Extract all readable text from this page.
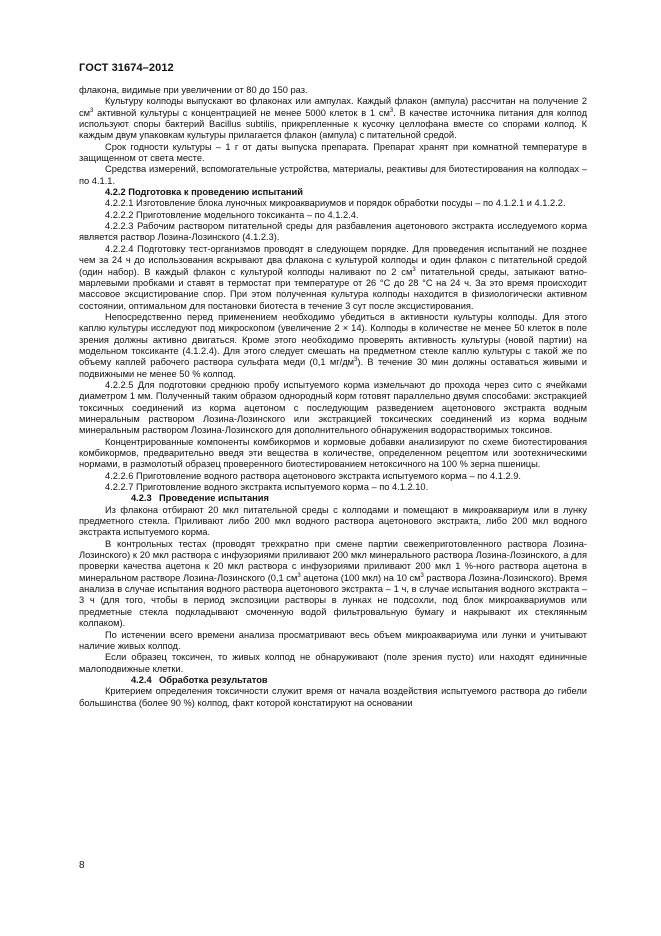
ГОСТ 31674–2012

флакона, видимые при увеличении от 80 до 150 раз.

Культуру колподы выпускают во флаконах или ампулах. Каждый флакон (ампула) рассчитан на получение 2 $см^3$ активной культуры с концентрацией не менее 5000 клеток в 1 $см^3$. В качестве источника питания для колпод используют споры бактерий Bacillus subtilis, прикрепленные к кусочку целлофана вместе со спорами колпод. К каждым двум упаковкам культуры прилагается флакон (ампула) с питательной средой.

Срок годности культуры – 1 г от даты выпуска препарата. Препарат хранят при комнатной температуре в защищенном от света месте.

Средства измерений, вспомогательные устройства, материалы, реактивы для биотестирования на колподах – по 4.1.1.

4.2.2 Подготовка к проведению испытаний

4.2.2.1 Изготовление блока луночных микроаквариумов и порядок обработки посуды – по 4.1.2.1 и 4.1.2.2.

4.2.2.2 Приготовление модельного токсиканта – по 4.1.2.4.

4.2.2.3 Рабочим раствором питательной среды для разбавления ацетонового экстракта исследуемого корма является раствор Лозина-Лозинского (4.1.2.3).

4.2.2.4 Подготовку тест-организмов проводят в следующем порядке. Для проведения испытаний не позднее чем за 24 ч до использования вскрывают два флакона с культурой колподы и один флакон с питательной средой (один набор). В каждый флакон с культурой колподы наливают по 2 $см^3$ питательной среды, затыкают ватно-марлевыми пробками и ставят в термостат при температуре от 26 °С до 28 °С на 24 ч. За это время происходит массовое эксцистирование спор. При этом полученная культура колподы находится в физиологически активном состоянии, оптимальном для постановки биотеста в течение 3 сут после эксцистирования.

Непосредственно перед применением необходимо убедиться в активности культуры колподы. Для этого каплю культуры исследуют под микроскопом (увеличение 2 × 14). Колподы в количестве не менее 50 клеток в поле зрения должны активно двигаться. Кроме этого необходимо проверять активность культуры (новой партии) на модельном токсиканте (4.1.2.4). Для этого следует смешать на предметном стекле каплю культуры с такой же по объему каплей рабочего раствора сульфата меди (0,1 $мг/дм^3$). В течение 30 мин должны оставаться живыми и подвижными не менее 50 % колпод.

4.2.2.5 Для подготовки среднюю пробу испытуемого корма измельчают до прохода через сито с ячейками диаметром 1 мм. Полученный таким образом однородный корм готовят параллельно двумя способами: экстракцией токсичных соединений из корма ацетоном с последующим разведением ацетонового экстракта водным минеральным раствором Лозина-Лозинского или экстракцией токсических соединений из корма водным минеральным раствором Лозина-Лозинского для дополнительного обнаружения водорастворимых токсинов.

Концентрированные компоненты комбикормов и кормовые добавки анализируют по схеме биотестирования комбикормов, предварительно введя эти вещества в количестве, определенном рецептом или зоотехническими нормами, в размолотый образец проверенного биотестированием нетоксичного на 100 % зерна пшеницы.

4.2.2.6 Приготовление водного раствора ацетонового экстракта испытуемого корма – по 4.1.2.9.

4.2.2.7 Приготовление водного экстракта испытуемого корма – по 4.1.2.10.

4.2.3 Проведение испытания

Из флакона отбирают 20 мкл питательной среды с колподами и помещают в микроаквариум или в лунку предметного стекла. Приливают либо 200 мкл водного раствора ацетонового экстракта, либо 200 мкл водного экстракта испытуемого корма.

В контрольных тестах (проводят трехкратно при смене партии свежеприготовленного раствора Лозина-Лозинского) к 20 мкл раствора с инфузориями приливают 200 мкл минерального раствора Лозина-Лозинского, а для проверки качества ацетона к 20 мкл раствора с инфузориями приливают 200 мкл 1 %-ного раствора ацетона в минеральном растворе Лозина-Лозинского (0,1 $см^3$ ацетона (100 мкл) на 10 $см^3$ раствора Лозина-Лозинского). Время анализа в случае испытания водного раствора ацетонового экстракта – 1 ч, в случае испытания водного экстракта – 3 ч (для того, чтобы в период экспозиции растворы в лунках не подсохли, под блок микроаквариумов или предметные стекла подкладывают смоченную водой фильтровальную бумагу и накрывают их стеклянным колпаком).

По истечении всего времени анализа просматривают весь объем микроаквариума или лунки и учитывают наличие живых колпод.

Если образец токсичен, то живых колпод не обнаруживают (поле зрения пусто) или находят единичные малоподвижные клетки.

4.2.4 Обработка результатов

Критерием определения токсичности служит время от начала воздействия испытуемого раствора до гибели большинства (более 90 %) колпод, факт которой констатируют на основании

8
